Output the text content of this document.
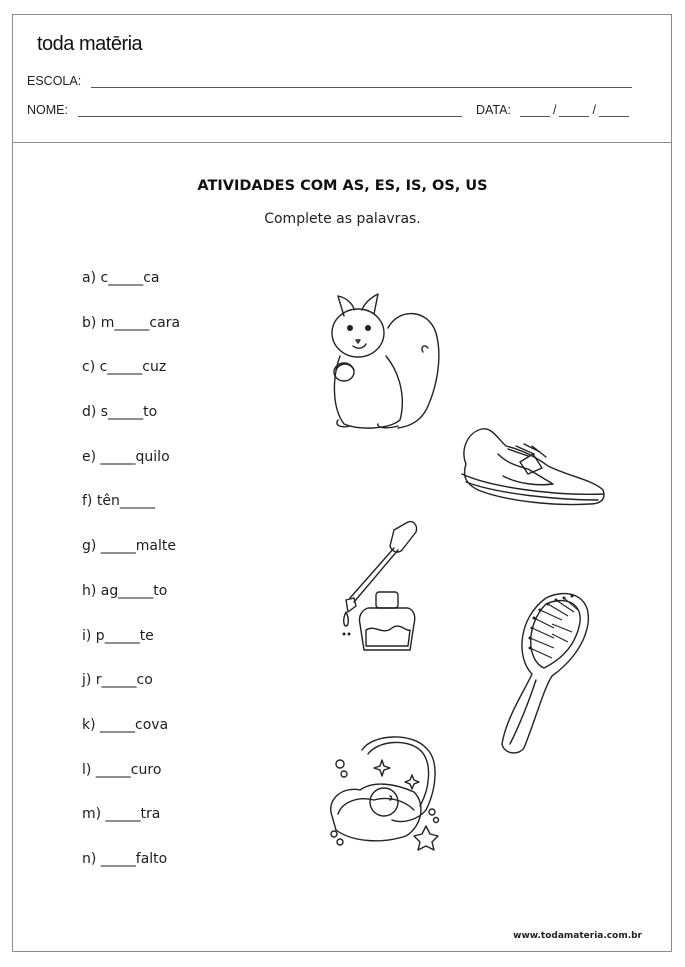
toda matēria
ESCOLA:
NOME:	DATA:	/	/
ATIVIDADES COM AS, ES, IS, OS, US
Complete as palavras.
a) c_____ca
b) m_____cara
c) c_____cuz
d) s_____to
e) _____quilo
f) tên_____
g) _____malte
h) ag_____to
i) p_____te
j) r_____co
k) _____cova
l) _____curo
m) _____tra
n) _____falto
www.todamateria.com.br
